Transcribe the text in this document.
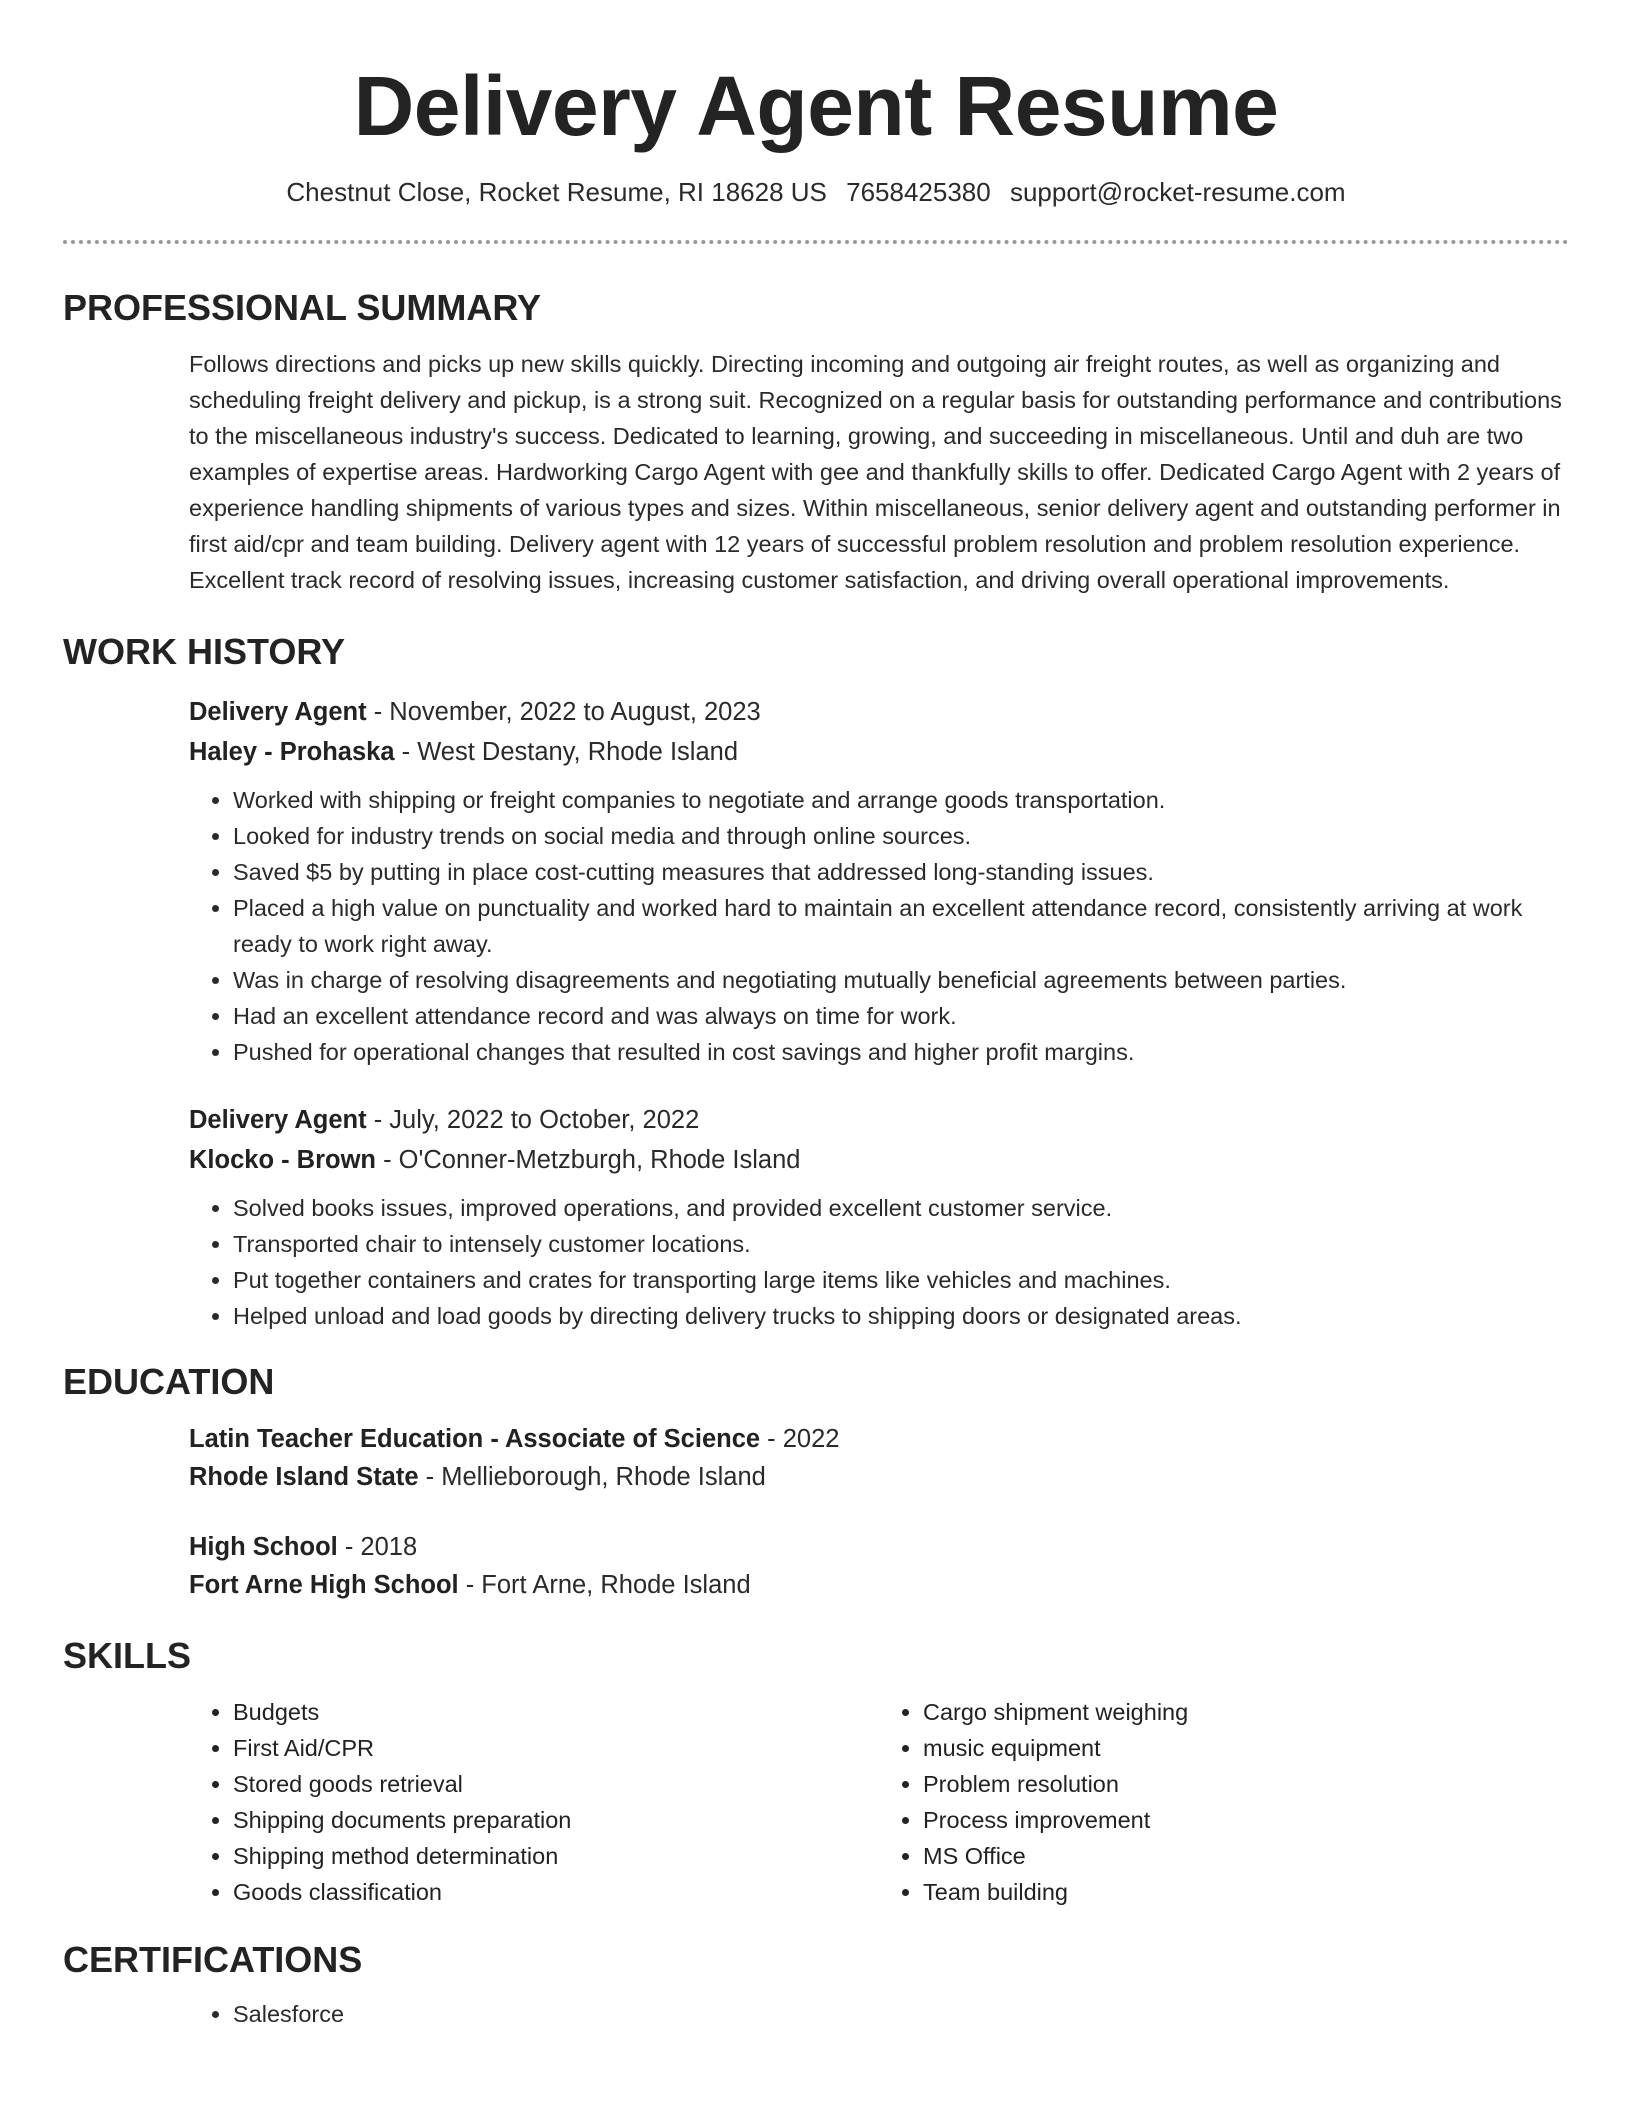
Delivery Agent Resume
Chestnut Close, Rocket Resume, RI 18628 US 7658425380 support@rocket-resume.com
PROFESSIONAL SUMMARY

Follows directions and picks up new skills quickly. Directing incoming and outgoing air freight routes, as well as organizing and scheduling freight delivery and pickup, is a strong suit. Recognized on a regular basis for outstanding performance and contributions to the miscellaneous industry's success. Dedicated to learning, growing, and succeeding in miscellaneous. Until and duh are two examples of expertise areas. Hardworking Cargo Agent with gee and thankfully skills to offer. Dedicated Cargo Agent with 2 years of experience handling shipments of various types and sizes. Within miscellaneous, senior delivery agent and outstanding performer in first aid/cpr and team building. Delivery agent with 12 years of successful problem resolution and problem resolution experience. Excellent track record of resolving issues, increasing customer satisfaction, and driving overall operational improvements.

WORK HISTORY
Delivery Agent - November, 2022 to August, 2023
Haley - Prohaska - West Destany, Rhode Island
• Worked with shipping or freight companies to negotiate and arrange goods transportation.
• Looked for industry trends on social media and through online sources.
• Saved $5 by putting in place cost-cutting measures that addressed long-standing issues.
• Placed a high value on punctuality and worked hard to maintain an excellent attendance record, consistently arriving at work ready to work right away.
• Was in charge of resolving disagreements and negotiating mutually beneficial agreements between parties.
• Had an excellent attendance record and was always on time for work.
• Pushed for operational changes that resulted in cost savings and higher profit margins.
Delivery Agent - July, 2022 to October, 2022
Klocko - Brown - O'Conner-Metzburgh, Rhode Island
• Solved books issues, improved operations, and provided excellent customer service.
• Transported chair to intensely customer locations.
• Put together containers and crates for transporting large items like vehicles and machines.
• Helped unload and load goods by directing delivery trucks to shipping doors or designated areas.
EDUCATION
Latin Teacher Education - Associate of Science - 2022
Rhode Island State - Mellieborough, Rhode Island
High School - 2018
Fort Arne High School - Fort Arne, Rhode Island
SKILLS
• Budgets
• First Aid/CPR
• Stored goods retrieval
• Shipping documents preparation
• Shipping method determination
• Goods classification
• Cargo shipment weighing
• music equipment
• Problem resolution
• Process improvement
• MS Office
• Team building
CERTIFICATIONS
• Salesforce
